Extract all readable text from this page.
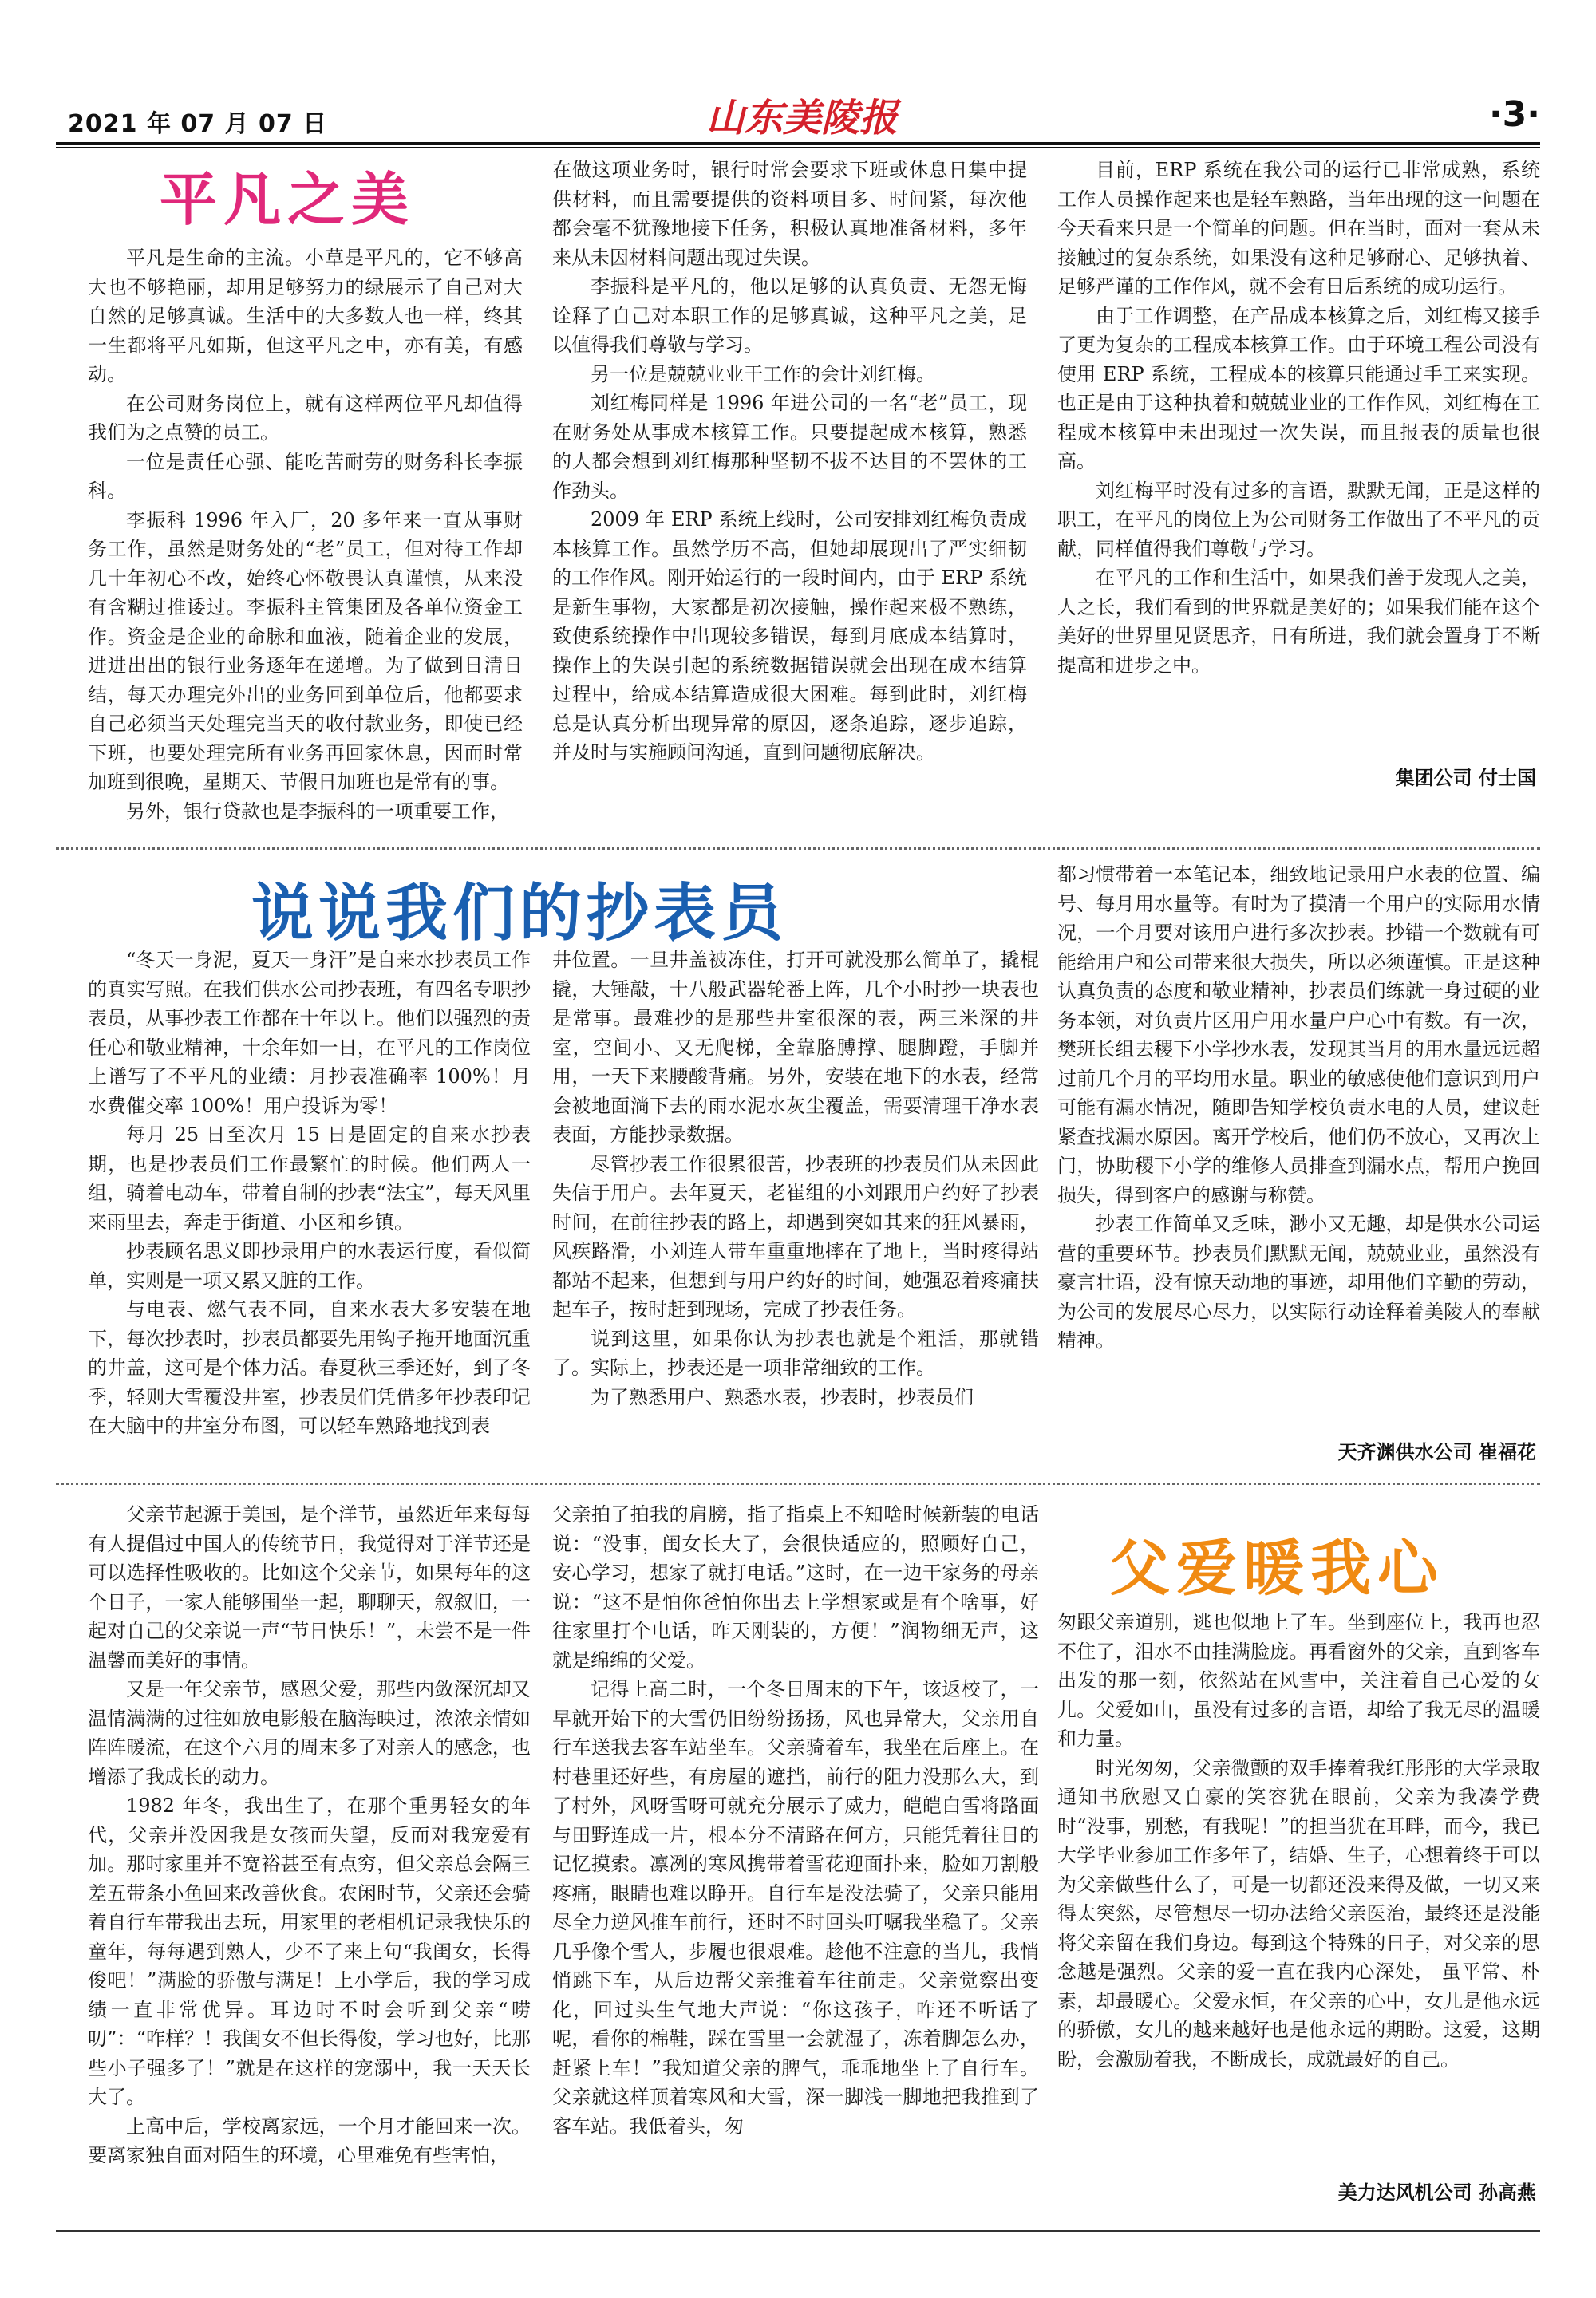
2021 年 07 月 07 日	山东美陵报	·3·
平凡之美

平凡是生命的主流。小草是平凡的，它不够高大也不够艳丽，却用足够努力的绿展示了自己对大自然的足够真诚。生活中的大多数人也一样，终其一生都将平凡如斯，但这平凡之中，亦有美，有感动。

在公司财务岗位上，就有这样两位平凡却值得我们为之点赞的员工。

一位是责任心强、能吃苦耐劳的财务科长李振科。

李振科 1996 年入厂，20 多年来一直从事财务工作，虽然是财务处的“老”员工，但对待工作却几十年初心不改，始终心怀敬畏认真谨慎，从来没有含糊过推诿过。李振科主管集团及各单位资金工作。资金是企业的命脉和血液，随着企业的发展，进进出出的银行业务逐年在递增。为了做到日清日结，每天办理完外出的业务回到单位后，他都要求自己必须当天处理完当天的收付款业务，即使已经下班，也要处理完所有业务再回家休息，因而时常加班到很晚，星期天、节假日加班也是常有的事。

另外，银行贷款也是李振科的一项重要工作，

在做这项业务时，银行时常会要求下班或休息日集中提供材料，而且需要提供的资料项目多、时间紧，每次他都会毫不犹豫地接下任务，积极认真地准备材料，多年来从未因材料问题出现过失误。

李振科是平凡的，他以足够的认真负责、无怨无悔诠释了自己对本职工作的足够真诚，这种平凡之美，足以值得我们尊敬与学习。

另一位是兢兢业业干工作的会计刘红梅。

刘红梅同样是 1996 年进公司的一名“老”员工，现在财务处从事成本核算工作。只要提起成本核算，熟悉的人都会想到刘红梅那种坚韧不拔不达目的不罢休的工作劲头。

2009 年 ERP 系统上线时，公司安排刘红梅负责成本核算工作。虽然学历不高，但她却展现出了严实细韧的工作作风。刚开始运行的一段时间内，由于 ERP 系统是新生事物，大家都是初次接触，操作起来极不熟练，致使系统操作中出现较多错误，每到月底成本结算时，操作上的失误引起的系统数据错误就会出现在成本结算过程中，给成本结算造成很大困难。每到此时，刘红梅总是认真分析出现异常的原因，逐条追踪，逐步追踪，并及时与实施顾问沟通，直到问题彻底解决。

目前，ERP 系统在我公司的运行已非常成熟，系统工作人员操作起来也是轻车熟路，当年出现的这一问题在今天看来只是一个简单的问题。但在当时，面对一套从未接触过的复杂系统，如果没有这种足够耐心、足够执着、足够严谨的工作作风，就不会有日后系统的成功运行。

由于工作调整，在产品成本核算之后，刘红梅又接手了更为复杂的工程成本核算工作。由于环境工程公司没有使用 ERP 系统，工程成本的核算只能通过手工来实现。也正是由于这种执着和兢兢业业的工作作风，刘红梅在工程成本核算中未出现过一次失误，而且报表的质量也很高。

刘红梅平时没有过多的言语，默默无闻，正是这样的职工，在平凡的岗位上为公司财务工作做出了不平凡的贡献，同样值得我们尊敬与学习。

在平凡的工作和生活中，如果我们善于发现人之美，人之长，我们看到的世界就是美好的；如果我们能在这个美好的世界里见贤思齐，日有所进，我们就会置身于不断提高和进步之中。

集团公司 付士国
说说我们的抄表员

“冬天一身泥，夏天一身汗”是自来水抄表员工作的真实写照。在我们供水公司抄表班，有四名专职抄表员，从事抄表工作都在十年以上。他们以强烈的责任心和敬业精神，十余年如一日，在平凡的工作岗位上谱写了不平凡的业绩：月抄表准确率 100%！月水费催交率 100%！用户投诉为零！

每月 25 日至次月 15 日是固定的自来水抄表期，也是抄表员们工作最繁忙的时候。他们两人一组，骑着电动车，带着自制的抄表“法宝”，每天风里来雨里去，奔走于街道、小区和乡镇。

抄表顾名思义即抄录用户的水表运行度，看似简单，实则是一项又累又脏的工作。

与电表、燃气表不同，自来水表大多安装在地下，每次抄表时，抄表员都要先用钩子拖开地面沉重的井盖，这可是个体力活。春夏秋三季还好，到了冬季，轻则大雪覆没井室，抄表员们凭借多年抄表印记在大脑中的井室分布图，可以轻车熟路地找到表

井位置。一旦井盖被冻住，打开可就没那么简单了，撬棍撬，大锤敲，十八般武器轮番上阵，几个小时抄一块表也是常事。最难抄的是那些井室很深的表，两三米深的井室，空间小、又无爬梯，全靠胳膊撑、腿脚蹬，手脚并用，一天下来腰酸背痛。另外，安装在地下的水表，经常会被地面淌下去的雨水泥水灰尘覆盖，需要清理干净水表表面，方能抄录数据。

尽管抄表工作很累很苦，抄表班的抄表员们从未因此失信于用户。去年夏天，老崔组的小刘跟用户约好了抄表时间，在前往抄表的路上，却遇到突如其来的狂风暴雨，风疾路滑，小刘连人带车重重地摔在了地上，当时疼得站都站不起来，但想到与用户约好的时间，她强忍着疼痛扶起车子，按时赶到现场，完成了抄表任务。

说到这里，如果你认为抄表也就是个粗活，那就错了。实际上，抄表还是一项非常细致的工作。

为了熟悉用户、熟悉水表，抄表时，抄表员们

都习惯带着一本笔记本，细致地记录用户水表的位置、编号、每月用水量等。有时为了摸清一个用户的实际用水情况，一个月要对该用户进行多次抄表。抄错一个数就有可能给用户和公司带来很大损失，所以必须谨慎。正是这种认真负责的态度和敬业精神，抄表员们练就一身过硬的业务本领，对负责片区用户用水量户户心中有数。有一次，樊班长组去稷下小学抄水表，发现其当月的用水量远远超过前几个月的平均用水量。职业的敏感使他们意识到用户可能有漏水情况，随即告知学校负责水电的人员，建议赶紧查找漏水原因。离开学校后，他们仍不放心，又再次上门，协助稷下小学的维修人员排查到漏水点，帮用户挽回损失，得到客户的感谢与称赞。

抄表工作简单又乏味，渺小又无趣，却是供水公司运营的重要环节。抄表员们默默无闻，兢兢业业，虽然没有豪言壮语，没有惊天动地的事迹，却用他们辛勤的劳动，为公司的发展尽心尽力，以实际行动诠释着美陵人的奉献精神。

天齐渊供水公司 崔福花
父爱暖我心

父亲节起源于美国，是个洋节，虽然近年来每每有人提倡过中国人的传统节日，我觉得对于洋节还是可以选择性吸收的。比如这个父亲节，如果每年的这个日子，一家人能够围坐一起，聊聊天，叙叙旧，一起对自己的父亲说一声“节日快乐！”，未尝不是一件温馨而美好的事情。

又是一年父亲节，感恩父爱，那些内敛深沉却又温情满满的过往如放电影般在脑海映过，浓浓亲情如阵阵暖流，在这个六月的周末多了对亲人的感念，也增添了我成长的动力。

1982 年冬，我出生了，在那个重男轻女的年代，父亲并没因我是女孩而失望，反而对我宠爱有加。那时家里并不宽裕甚至有点穷，但父亲总会隔三差五带条小鱼回来改善伙食。农闲时节，父亲还会骑着自行车带我出去玩，用家里的老相机记录我快乐的童年，每每遇到熟人，少不了来上句“我闺女，长得俊吧！”满脸的骄傲与满足！上小学后，我的学习成绩一直非常优异。耳边时不时会听到父亲“唠叨”：“咋样？！我闺女不但长得俊，学习也好，比那些小子强多了！”就是在这样的宠溺中，我一天天长大了。

上高中后，学校离家远，一个月才能回来一次。要离家独自面对陌生的环境，心里难免有些害怕，

父亲拍了拍我的肩膀，指了指桌上不知啥时候新装的电话说：“没事，闺女长大了，会很快适应的，照顾好自己，安心学习，想家了就打电话。”这时，在一边干家务的母亲说：“这不是怕你爸怕你出去上学想家或是有个啥事，好往家里打个电话，昨天刚装的，方便！”润物细无声，这就是绵绵的父爱。

记得上高二时，一个冬日周末的下午，该返校了，一早就开始下的大雪仍旧纷纷扬扬，风也异常大，父亲用自行车送我去客车站坐车。父亲骑着车，我坐在后座上。在村巷里还好些，有房屋的遮挡，前行的阻力没那么大，到了村外，风呀雪呀可就充分展示了威力，皑皑白雪将路面与田野连成一片，根本分不清路在何方，只能凭着往日的记忆摸索。凛冽的寒风携带着雪花迎面扑来，脸如刀割般疼痛，眼睛也难以睁开。自行车是没法骑了，父亲只能用尽全力逆风推车前行，还时不时回头叮嘱我坐稳了。父亲几乎像个雪人，步履也很艰难。趁他不注意的当儿，我悄悄跳下车，从后边帮父亲推着车往前走。父亲觉察出变化，回过头生气地大声说：“你这孩子，咋还不听话了呢，看你的棉鞋，踩在雪里一会就湿了，冻着脚怎么办，赶紧上车！”我知道父亲的脾气，乖乖地坐上了自行车。父亲就这样顶着寒风和大雪，深一脚浅一脚地把我推到了客车站。我低着头，匆

匆跟父亲道别，逃也似地上了车。坐到座位上，我再也忍不住了，泪水不由挂满脸庞。再看窗外的父亲，直到客车出发的那一刻，依然站在风雪中，关注着自己心爱的女儿。父爱如山，虽没有过多的言语，却给了我无尽的温暖和力量。

时光匆匆，父亲微颤的双手捧着我红彤彤的大学录取通知书欣慰又自豪的笑容犹在眼前，父亲为我凑学费时“没事，别愁，有我呢！”的担当犹在耳畔，而今，我已大学毕业参加工作多年了，结婚、生子，心想着终于可以为父亲做些什么了，可是一切都还没来得及做，一切又来得太突然，尽管想尽一切办法给父亲医治，最终还是没能将父亲留在我们身边。每到这个特殊的日子，对父亲的思念越是强烈。父亲的爱一直在我内心深处， 虽平常、朴素，却最暖心。父爱永恒，在父亲的心中，女儿是他永远的骄傲，女儿的越来越好也是他永远的期盼。这爱，这期盼，会激励着我，不断成长，成就最好的自己。

美力达风机公司 孙高燕
